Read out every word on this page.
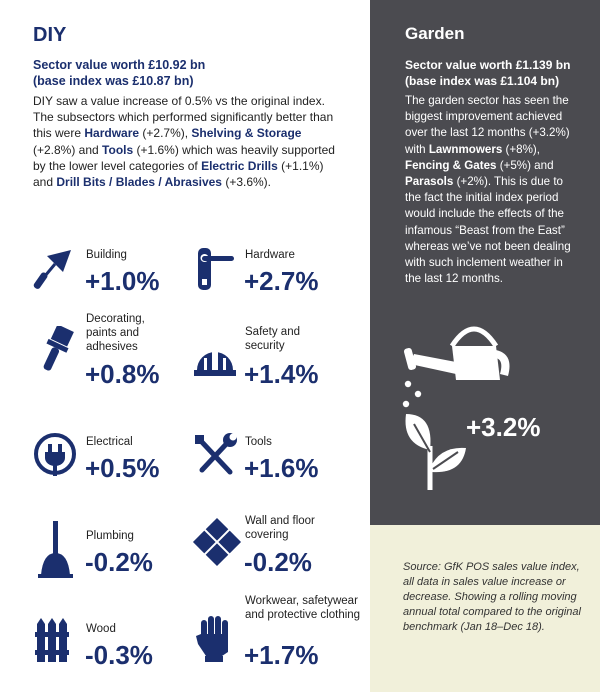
DIY
Sector value worth £10.92 bn
(base index was £10.87 bn)
DIY saw a value increase of 0.5% vs the original index. The subsectors which performed significantly better than this were Hardware (+2.7%), Shelving & Storage (+2.8%) and Tools (+1.6%) which was heavily supported by the lower level categories of Electric Drills (+1.1%) and Drill Bits / Blades / Abrasives (+3.6%).
Building
+1.0%
Hardware
+2.7%
Decorating, paints and adhesives
+0.8%
Safety and security
+1.4%
Electrical
+0.5%
Tools
+1.6%
Plumbing
-0.2%
Wall and floor covering
-0.2%
Wood
-0.3%
Workwear, safetywear and protective clothing
+1.7%
Garden
Sector value worth £1.139 bn
(base index was £1.104 bn)
The garden sector has seen the biggest improvement achieved over the last 12 months (+3.2%) with Lawnmowers (+8%), Fencing & Gates (+5%) and Parasols (+2%). This is due to the fact the initial index period would include the effects of the infamous “Beast from the East” whereas we’ve not been dealing with such inclement weather in the last 12 months.
+3.2%
Source: GfK POS sales value index, all data in sales value increase or decrease. Showing a rolling moving annual total compared to the original benchmark (Jan 18–Dec 18).
